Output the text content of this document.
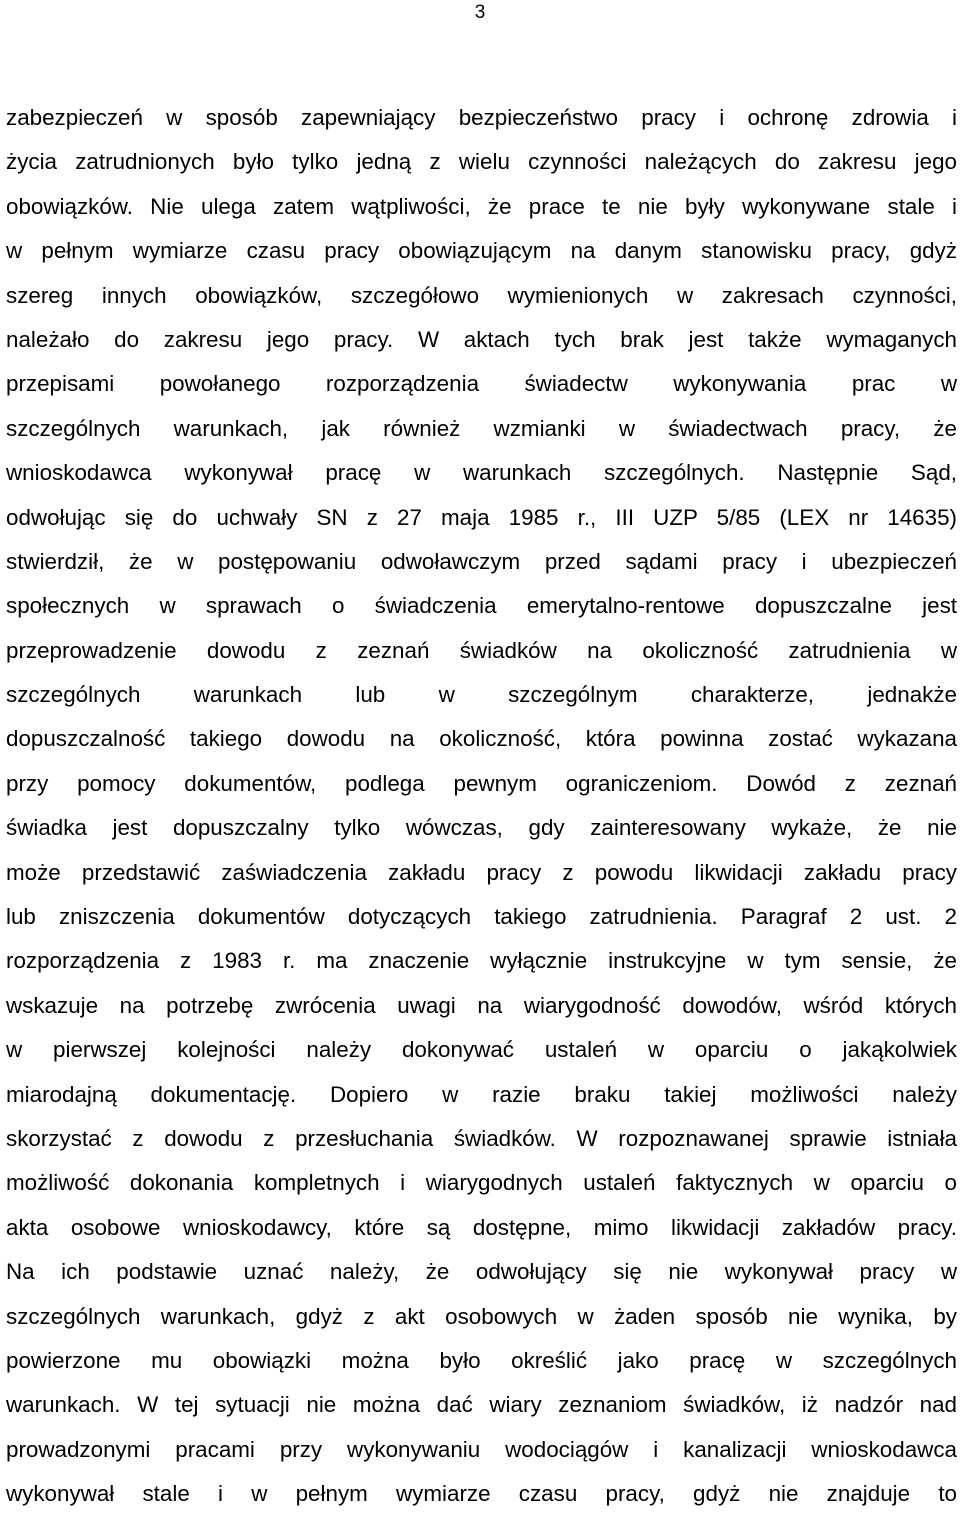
3
zabezpieczeń w sposób zapewniający bezpieczeństwo pracy i ochronę zdrowia i
życia zatrudnionych było tylko jedną z wielu czynności należących do zakresu jego
obowiązków. Nie ulega zatem wątpliwości, że prace te nie były wykonywane stale i
w pełnym wymiarze czasu pracy obowiązującym na danym stanowisku pracy, gdyż
szereg innych obowiązków, szczegółowo wymienionych w zakresach czynności,
należało do zakresu jego pracy. W aktach tych brak jest także wymaganych
przepisami powołanego rozporządzenia świadectw wykonywania prac w
szczególnych warunkach, jak również wzmianki w świadectwach pracy, że
wnioskodawca wykonywał pracę w warunkach szczególnych. Następnie Sąd,
odwołując się do uchwały SN z 27 maja 1985 r., III UZP 5/85 (LEX nr 14635)
stwierdził, że w postępowaniu odwoławczym przed sądami pracy i ubezpieczeń
społecznych w sprawach o świadczenia emerytalno-rentowe dopuszczalne jest
przeprowadzenie dowodu z zeznań świadków na okoliczność zatrudnienia w
szczególnych warunkach lub w szczególnym charakterze, jednakże
dopuszczalność takiego dowodu na okoliczność, która powinna zostać wykazana
przy pomocy dokumentów, podlega pewnym ograniczeniom. Dowód z zeznań
świadka jest dopuszczalny tylko wówczas, gdy zainteresowany wykaże, że nie
może przedstawić zaświadczenia zakładu pracy z powodu likwidacji zakładu pracy
lub zniszczenia dokumentów dotyczących takiego zatrudnienia. Paragraf 2 ust. 2
rozporządzenia z 1983 r. ma znaczenie wyłącznie instrukcyjne w tym sensie, że
wskazuje na potrzebę zwrócenia uwagi na wiarygodność dowodów, wśród których
w pierwszej kolejności należy dokonywać ustaleń w oparciu o jakąkolwiek
miarodajną dokumentację. Dopiero w razie braku takiej możliwości należy
skorzystać z dowodu z przesłuchania świadków. W rozpoznawanej sprawie istniała
możliwość dokonania kompletnych i wiarygodnych ustaleń faktycznych w oparciu o
akta osobowe wnioskodawcy, które są dostępne, mimo likwidacji zakładów pracy.
Na ich podstawie uznać należy, że odwołujący się nie wykonywał pracy w
szczególnych warunkach, gdyż z akt osobowych w żaden sposób nie wynika, by
powierzone mu obowiązki można było określić jako pracę w szczególnych
warunkach. W tej sytuacji nie można dać wiary zeznaniom świadków, iż nadzór nad
prowadzonymi pracami przy wykonywaniu wodociągów i kanalizacji wnioskodawca
wykonywał stale i w pełnym wymiarze czasu pracy, gdyż nie znajduje to
